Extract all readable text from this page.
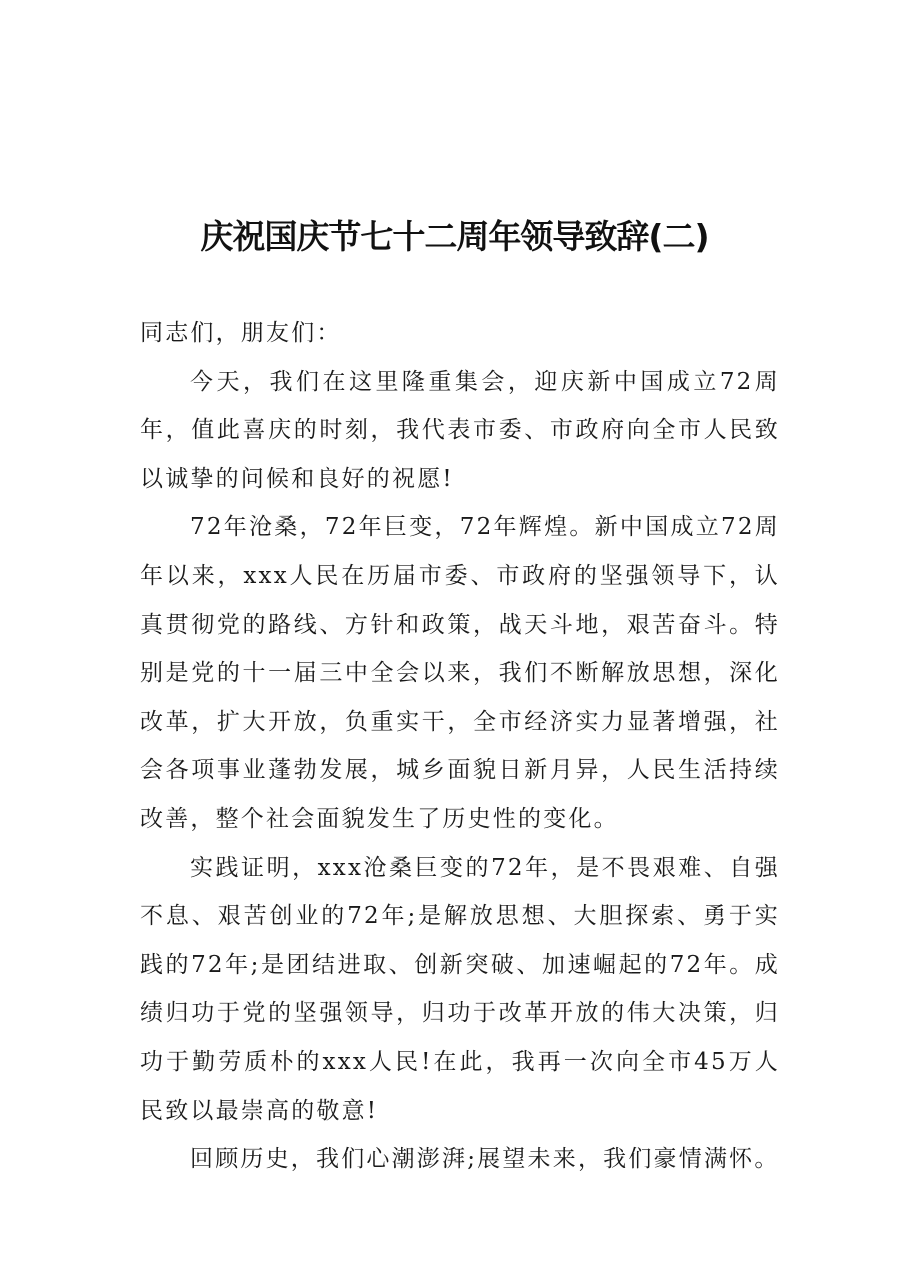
庆祝国庆节七十二周年领导致辞(二)

同志们，朋友们：

今天，我们在这里隆重集会，迎庆新中国成立72周年，值此喜庆的时刻，我代表市委、市政府向全市人民致以诚挚的问候和良好的祝愿!

72年沧桑，72年巨变，72年辉煌。新中国成立72周年以来，xxx人民在历届市委、市政府的坚强领导下，认真贯彻党的路线、方针和政策，战天斗地，艰苦奋斗。特别是党的十一届三中全会以来，我们不断解放思想，深化改革，扩大开放，负重实干，全市经济实力显著增强，社会各项事业蓬勃发展，城乡面貌日新月异，人民生活持续改善，整个社会面貌发生了历史性的变化。

实践证明，xxx沧桑巨变的72年，是不畏艰难、自强不息、艰苦创业的72年;是解放思想、大胆探索、勇于实践的72年;是团结进取、创新突破、加速崛起的72年。成绩归功于党的坚强领导，归功于改革开放的伟大决策，归功于勤劳质朴的xxx人民!在此，我再一次向全市45万人民致以最崇高的敬意!

回顾历史，我们心潮澎湃;展望未来，我们豪情满怀。
